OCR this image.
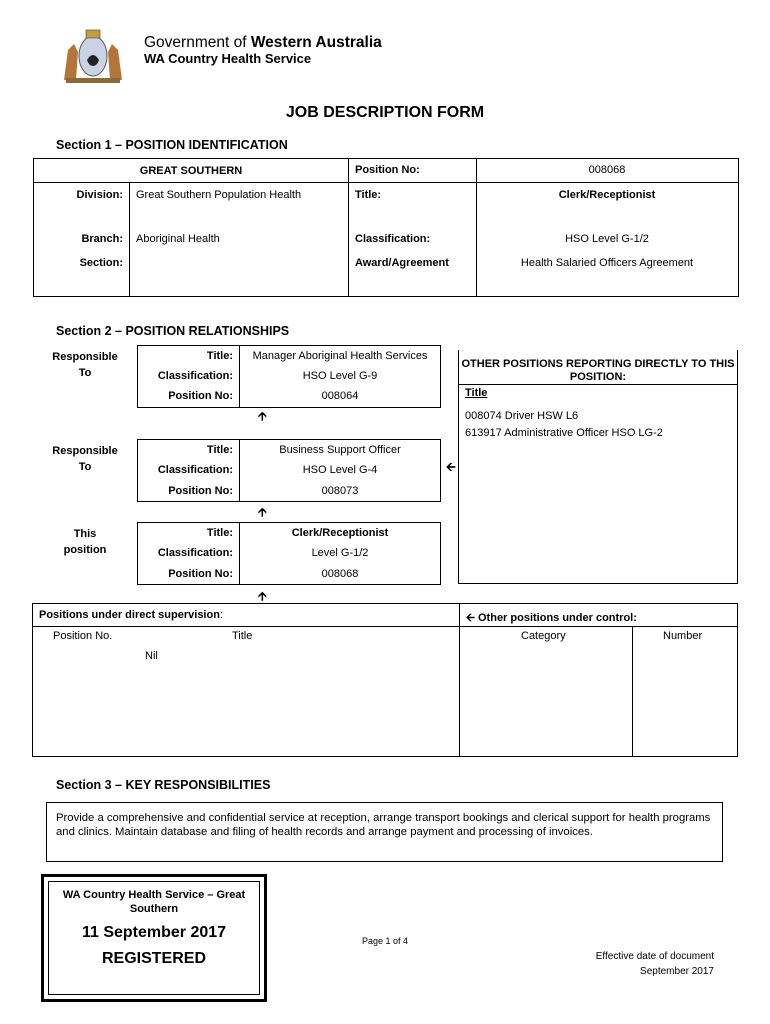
Government of Western Australia
WA Country Health Service
JOB DESCRIPTION FORM
Section 1 – POSITION IDENTIFICATION
GREAT SOUTHERN	Position No:	008068
Division: Great Southern Population Health	Title:	Clerk/Receptionist
Branch: Aboriginal Health	Classification:	HSO Level G-1/2
Section:	Award/Agreement	Health Salaried Officers Agreement
Section 2 – POSITION RELATIONSHIPS
Responsible
To
Title:	Manager Aboriginal Health Services
Classification:	HSO Level G-9
Position No:	008064
🡩
Responsible
To
Title:	Business Support Officer
Classification:	HSO Level G-4
Position No:	008073
🡨
🡩
This
position
Title:	Clerk/Receptionist
Classification:	Level G-1/2
Position No:	008068
🡩
OTHER POSITIONS REPORTING DIRECTLY TO THIS POSITION:
Title
008074 Driver HSW L6
613917 Administrative Officer HSO LG-2
Positions under direct supervision:
Position No.	Title
Nil
🡨 Other positions under control:
Category	Number
Section 3 – KEY RESPONSIBILITIES
Provide a comprehensive and confidential service at reception, arrange transport bookings and clerical support for health programs and clinics. Maintain database and filing of health records and arrange payment and processing of invoices.
WA Country Health Service – Great Southern
11 September 2017
REGISTERED
Page 1 of 4
Effective date of document
September 2017
